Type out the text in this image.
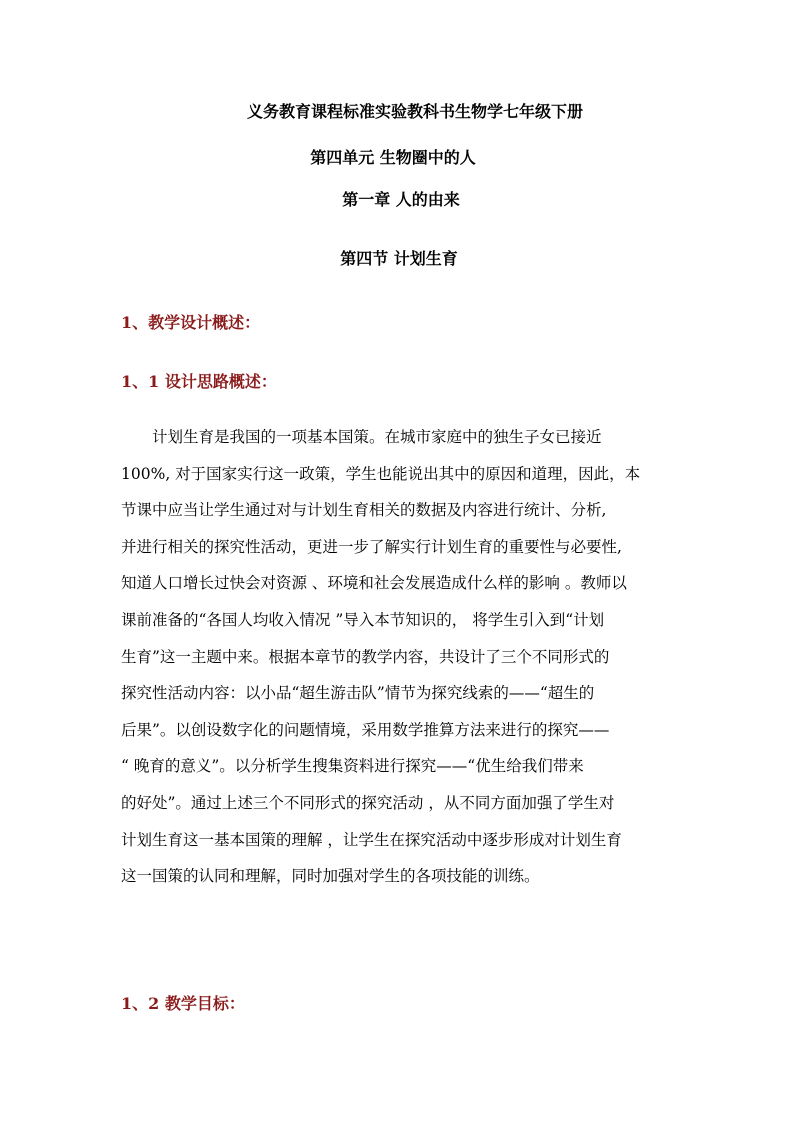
义务教育课程标准实验教科书生物学七年级下册
第四单元 生物圈中的人
第一章 人的由来
第四节 计划生育
1、教学设计概述：
1、1 设计思路概述：
计划生育是我国的一项基本国策。在城市家庭中的独生子女已接近
100%, 对于国家实行这一政策，学生也能说出其中的原因和道理，因此，本
节课中应当让学生通过对与计划生育相关的数据及内容进行统计、分析,
并进行相关的探究性活动，更进一步了解实行计划生育的重要性与必要性,
知道人口增长过快会对资源 、环境和社会发展造成什么样的影响 。教师以
课前准备的“各国人均收入情况 ”导入本节知识的， 将学生引入到“计划
生育”这一主题中来。根据本章节的教学内容，共设计了三个不同形式的
探究性活动内容：以小品“超生游击队”情节为探究线索的——“超生的
后果”。以创设数字化的问题情境，采用数学推算方法来进行的探究——
“ 晚育的意义”。以分析学生搜集资料进行探究——“优生给我们带来
的好处”。通过上述三个不同形式的探究活动 ，从不同方面加强了学生对
计划生育这一基本国策的理解 ，让学生在探究活动中逐步形成对计划生育
这一国策的认同和理解，同时加强对学生的各项技能的训练。
1、2 教学目标：
